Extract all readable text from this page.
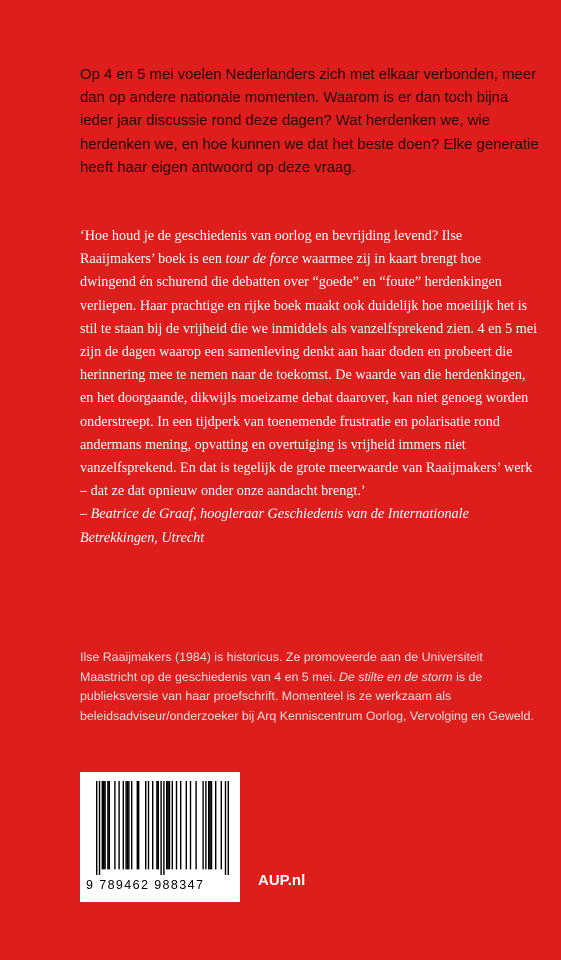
Op 4 en 5 mei voelen Nederlanders zich met elkaar verbonden, meer dan op andere nationale momenten. Waarom is er dan toch bijna ieder jaar discussie rond deze dagen? Wat herdenken we, wie herdenken we, en hoe kunnen we dat het beste doen? Elke generatie heeft haar eigen antwoord op deze vraag.

‘Hoe houd je de geschiedenis van oorlog en bevrijding levend? Ilse Raaijmakers’ boek is een tour de force waarmee zij in kaart brengt hoe dwingend én schurend die debatten over “goede” en “foute” herdenkingen verliepen. Haar prachtige en rijke boek maakt ook duidelijk hoe moeilijk het is stil te staan bij de vrijheid die we inmiddels als vanzelfsprekend zien. 4 en 5 mei zijn de dagen waarop een samenleving denkt aan haar doden en probeert die herinnering mee te nemen naar de toekomst. De waarde van die herdenkingen, en het doorgaande, dikwijls moeizame debat daarover, kan niet genoeg worden onderstreept. In een tijdperk van toenemende frustratie en polarisatie rond andermans mening, opvatting en overtuiging is vrijheid immers niet vanzelfsprekend. En dat is tegelijk de grote meerwaarde van Raaijmakers’ werk – dat ze dat opnieuw onder onze aandacht brengt.’
– Beatrice de Graaf, hoogleraar Geschiedenis van de Internationale Betrekkingen, Utrecht

Ilse Raaijmakers (1984) is historicus. Ze promoveerde aan de Universiteit Maastricht op de geschiedenis van 4 en 5 mei. De stilte en de storm is de publieksversie van haar proefschrift. Momenteel is ze werkzaam als beleidsadviseur/onderzoeker bij Arq Kenniscentrum Oorlog, Vervolging en Geweld.

9 789462 988347	AUP.nl
